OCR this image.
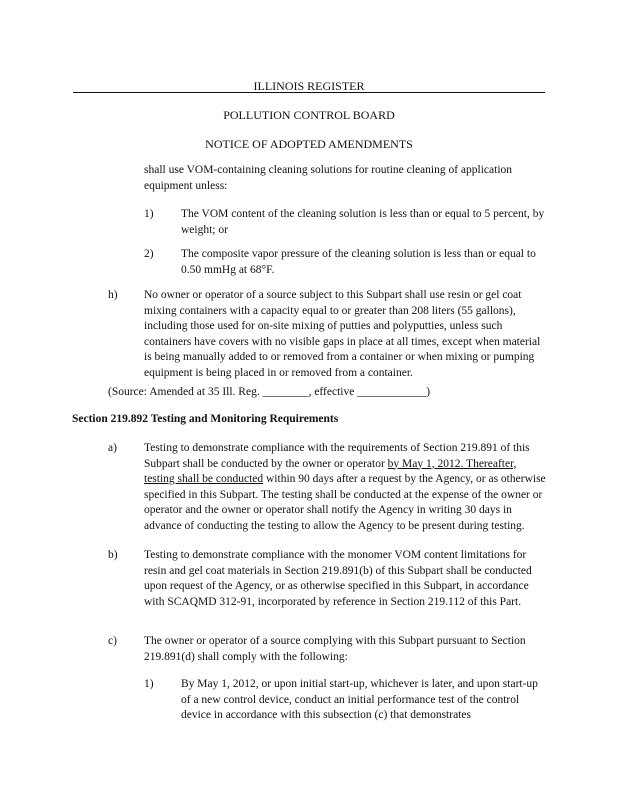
ILLINOIS REGISTER
POLLUTION CONTROL BOARD
NOTICE OF ADOPTED AMENDMENTS
shall use VOM-containing cleaning solutions for routine cleaning of application equipment unless:
1) The VOM content of the cleaning solution is less than or equal to 5 percent, by weight; or
2) The composite vapor pressure of the cleaning solution is less than or equal to 0.50 mmHg at 68°F.
h) No owner or operator of a source subject to this Subpart shall use resin or gel coat mixing containers with a capacity equal to or greater than 208 liters (55 gallons), including those used for on-site mixing of putties and polyputties, unless such containers have covers with no visible gaps in place at all times, except when material is being manually added to or removed from a container or when mixing or pumping equipment is being placed in or removed from a container.
(Source: Amended at 35 Ill. Reg. ________, effective ____________)
Section 219.892 Testing and Monitoring Requirements
a) Testing to demonstrate compliance with the requirements of Section 219.891 of this Subpart shall be conducted by the owner or operator by May 1, 2012. Thereafter, testing shall be conducted within 90 days after a request by the Agency, or as otherwise specified in this Subpart. The testing shall be conducted at the expense of the owner or operator and the owner or operator shall notify the Agency in writing 30 days in advance of conducting the testing to allow the Agency to be present during testing.
b) Testing to demonstrate compliance with the monomer VOM content limitations for resin and gel coat materials in Section 219.891(b) of this Subpart shall be conducted upon request of the Agency, or as otherwise specified in this Subpart, in accordance with SCAQMD 312-91, incorporated by reference in Section 219.112 of this Part.
c) The owner or operator of a source complying with this Subpart pursuant to Section 219.891(d) shall comply with the following:
1) By May 1, 2012, or upon initial start-up, whichever is later, and upon start-up of a new control device, conduct an initial performance test of the control device in accordance with this subsection (c) that demonstrates
